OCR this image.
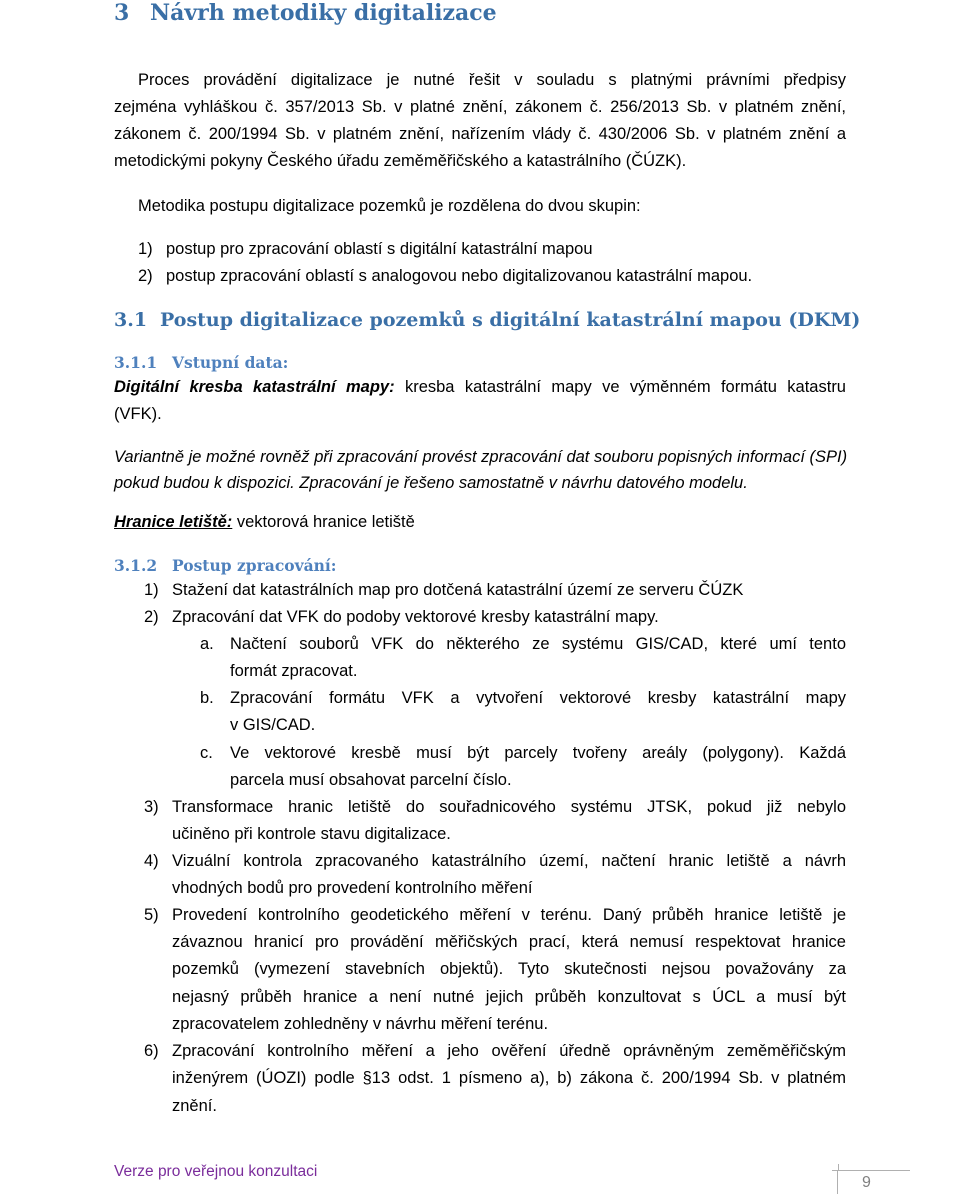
3 Návrh metodiky digitalizace
Proces provádění digitalizace je nutné řešit v souladu s platnými právními předpisy
zejména vyhláškou č. 357/2013 Sb. v platné znění, zákonem č. 256/2013 Sb. v platném znění,
zákonem č. 200/1994 Sb. v platném znění, nařízením vlády č. 430/2006 Sb. v platném znění a
metodickými pokyny Českého úřadu zeměměřičského a katastrálního (ČÚZK).
Metodika postupu digitalizace pozemků je rozdělena do dvou skupin:
1) postup pro zpracování oblastí s digitální katastrální mapou
2) postup zpracování oblastí s analogovou nebo digitalizovanou katastrální mapou.
3.1 Postup digitalizace pozemků s digitální katastrální mapou (DKM)
3.1.1 Vstupní data:
Digitální kresba katastrální mapy: kresba katastrální mapy ve výměnném formátu katastru
(VFK).
Variantně je možné rovněž při zpracování provést zpracování dat souboru popisných informací (SPI)
pokud budou k dispozici. Zpracování je řešeno samostatně v návrhu datového modelu.
Hranice letiště: vektorová hranice letiště
3.1.2 Postup zpracování:
1) Stažení dat katastrálních map pro dotčená katastrální území ze serveru ČÚZK
2) Zpracování dat VFK do podoby vektorové kresby katastrální mapy.
a. Načtení souborů VFK do některého ze systému GIS/CAD, které umí tento
formát zpracovat.
b. Zpracování formátu VFK a vytvoření vektorové kresby katastrální mapy
v GIS/CAD.
c. Ve vektorové kresbě musí být parcely tvořeny areály (polygony). Každá
parcela musí obsahovat parcelní číslo.
3) Transformace hranic letiště do souřadnicového systému JTSK, pokud již nebylo
učiněno při kontrole stavu digitalizace.
4) Vizuální kontrola zpracovaného katastrálního území, načtení hranic letiště a návrh
vhodných bodů pro provedení kontrolního měření
5) Provedení kontrolního geodetického měření v terénu. Daný průběh hranice letiště je
závaznou hranicí pro provádění měřičských prací, která nemusí respektovat hranice
pozemků (vymezení stavebních objektů). Tyto skutečnosti nejsou považovány za
nejasný průběh hranice a není nutné jejich průběh konzultovat s ÚCL a musí být
zpracovatelem zohledněny v návrhu měření terénu.
6) Zpracování kontrolního měření a jeho ověření úředně oprávněným zeměměřičským
inženýrem (ÚOZI) podle §13 odst. 1 písmeno a), b) zákona č. 200/1994 Sb. v platném
znění.
Verze pro veřejnou konzultaci
9
